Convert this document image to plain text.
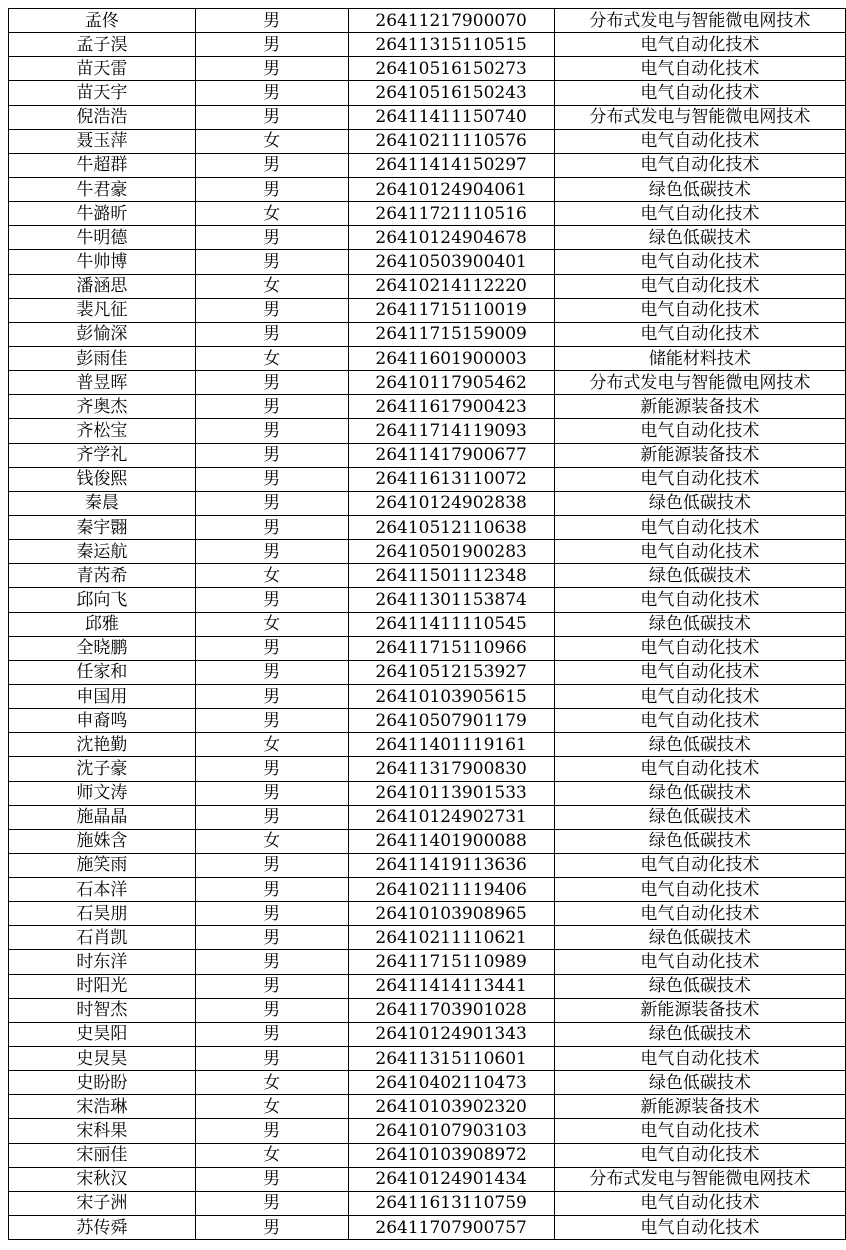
孟佟	男	26411217900070	分布式发电与智能微电网技术
孟子淏	男	26411315110515	电气自动化技术
苗天雷	男	26410516150273	电气自动化技术
苗天宇	男	26410516150243	电气自动化技术
倪浩浩	男	26411411150740	分布式发电与智能微电网技术
聂玉萍	女	26410211110576	电气自动化技术
牛超群	男	26411414150297	电气自动化技术
牛君豪	男	26410124904061	绿色低碳技术
牛潞昕	女	26411721110516	电气自动化技术
牛明德	男	26410124904678	绿色低碳技术
牛帅博	男	26410503900401	电气自动化技术
潘涵思	女	26410214112220	电气自动化技术
裴凡征	男	26411715110019	电气自动化技术
彭愉深	男	26411715159009	电气自动化技术
彭雨佳	女	26411601900003	储能材料技术
普昱晖	男	26410117905462	分布式发电与智能微电网技术
齐奥杰	男	26411617900423	新能源装备技术
齐松宝	男	26411714119093	电气自动化技术
齐学礼	男	26411417900677	新能源装备技术
钱俊熙	男	26411613110072	电气自动化技术
秦晨	男	26410124902838	绿色低碳技术
秦宇翾	男	26410512110638	电气自动化技术
秦运航	男	26410501900283	电气自动化技术
青芮希	女	26411501112348	绿色低碳技术
邱向飞	男	26411301153874	电气自动化技术
邱雅	女	26411411110545	绿色低碳技术
全晓鹏	男	26411715110966	电气自动化技术
任家和	男	26410512153927	电气自动化技术
申国用	男	26410103905615	电气自动化技术
申裔鸣	男	26410507901179	电气自动化技术
沈艳勤	女	26411401119161	绿色低碳技术
沈子豪	男	26411317900830	电气自动化技术
师文涛	男	26410113901533	绿色低碳技术
施晶晶	男	26410124902731	绿色低碳技术
施姝含	女	26411401900088	绿色低碳技术
施笑雨	男	26411419113636	电气自动化技术
石本洋	男	26410211119406	电气自动化技术
石昊朋	男	26410103908965	电气自动化技术
石肖凯	男	26410211110621	绿色低碳技术
时东洋	男	26411715110989	电气自动化技术
时阳光	男	26411414113441	绿色低碳技术
时智杰	男	26411703901028	新能源装备技术
史昊阳	男	26410124901343	绿色低碳技术
史炅昊	男	26411315110601	电气自动化技术
史盼盼	女	26410402110473	绿色低碳技术
宋浩琳	女	26410103902320	新能源装备技术
宋科果	男	26410107903103	电气自动化技术
宋丽佳	女	26410103908972	电气自动化技术
宋秋汉	男	26410124901434	分布式发电与智能微电网技术
宋子洲	男	26411613110759	电气自动化技术
苏传舜	男	26411707900757	电气自动化技术
